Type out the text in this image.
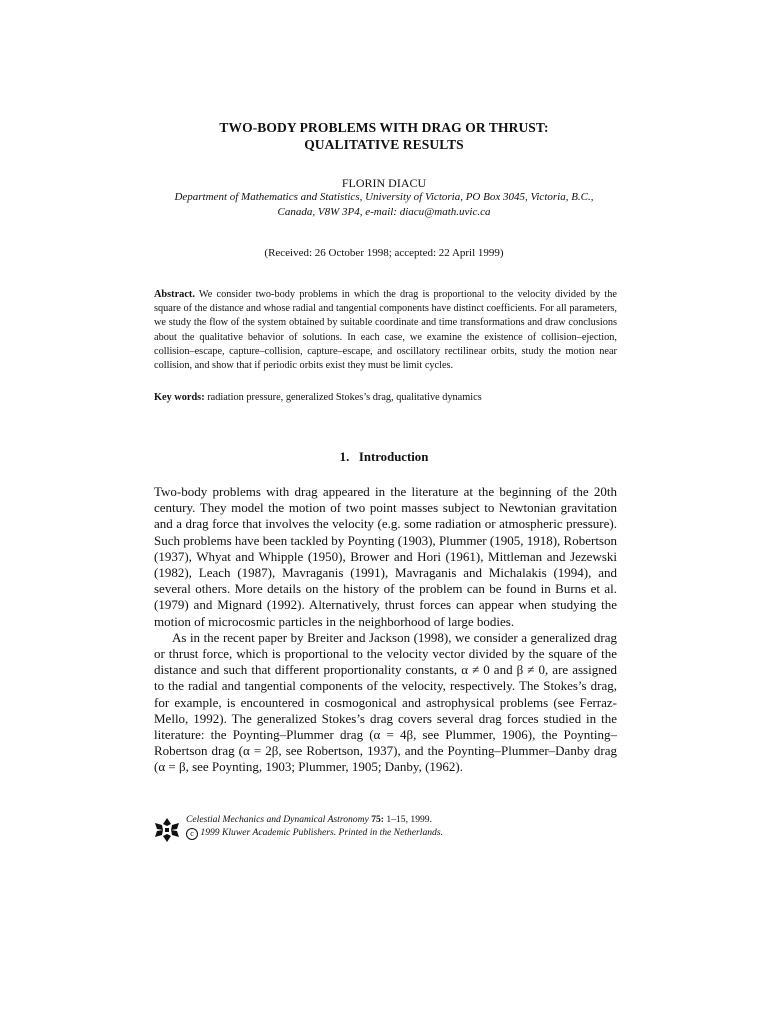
TWO-BODY PROBLEMS WITH DRAG OR THRUST:
QUALITATIVE RESULTS
FLORIN DIACU
Department of Mathematics and Statistics, University of Victoria, PO Box 3045, Victoria, B.C.,
Canada, V8W 3P4, e-mail: diacu@math.uvic.ca
(Received: 26 October 1998; accepted: 22 April 1999)
Abstract. We consider two-body problems in which the drag is proportional to the velocity divided by the square of the distance and whose radial and tangential components have distinct coefficients. For all parameters, we study the flow of the system obtained by suitable coordinate and time transformations and draw conclusions about the qualitative behavior of solutions. In each case, we examine the existence of collision–ejection, collision–escape, capture–collision, capture–escape, and oscillatory rectilinear orbits, study the motion near collision, and show that if periodic orbits exist they must be limit cycles.
Key words: radiation pressure, generalized Stokes’s drag, qualitative dynamics
1.   Introduction

Two-body problems with drag appeared in the literature at the beginning of the 20th century. They model the motion of two point masses subject to Newtonian gravitation and a drag force that involves the velocity (e.g. some radiation or atmospheric pressure). Such problems have been tackled by Poynting (1903), Plummer (1905, 1918), Robertson (1937), Whyat and Whipple (1950), Brower and Hori (1961), Mittleman and Jezewski (1982), Leach (1987), Mavraganis (1991), Mavraganis and Michalakis (1994), and several others. More details on the history of the problem can be found in Burns et al. (1979) and Mignard (1992). Alternatively, thrust forces can appear when studying the motion of microcosmic particles in the neighborhood of large bodies.

As in the recent paper by Breiter and Jackson (1998), we consider a generalized drag or thrust force, which is proportional to the velocity vector divided by the square of the distance and such that different proportionality constants, α ≠ 0 and β ≠ 0, are assigned to the radial and tangential components of the velocity, respectively. The Stokes’s drag, for example, is encountered in cosmogonical and astrophysical problems (see Ferraz-Mello, 1992). The generalized Stokes’s drag covers several drag forces studied in the literature: the Poynting–Plummer drag (α = 4β, see Plummer, 1906), the Poynting–Robertson drag (α = 2β, see Robertson, 1937), and the Poynting–Plummer–Danby drag (α = β, see Poynting, 1903; Plummer, 1905; Danby, (1962).

Celestial Mechanics and Dynamical Astronomy 75: 1–15, 1999.
c 1999 Kluwer Academic Publishers. Printed in the Netherlands.
